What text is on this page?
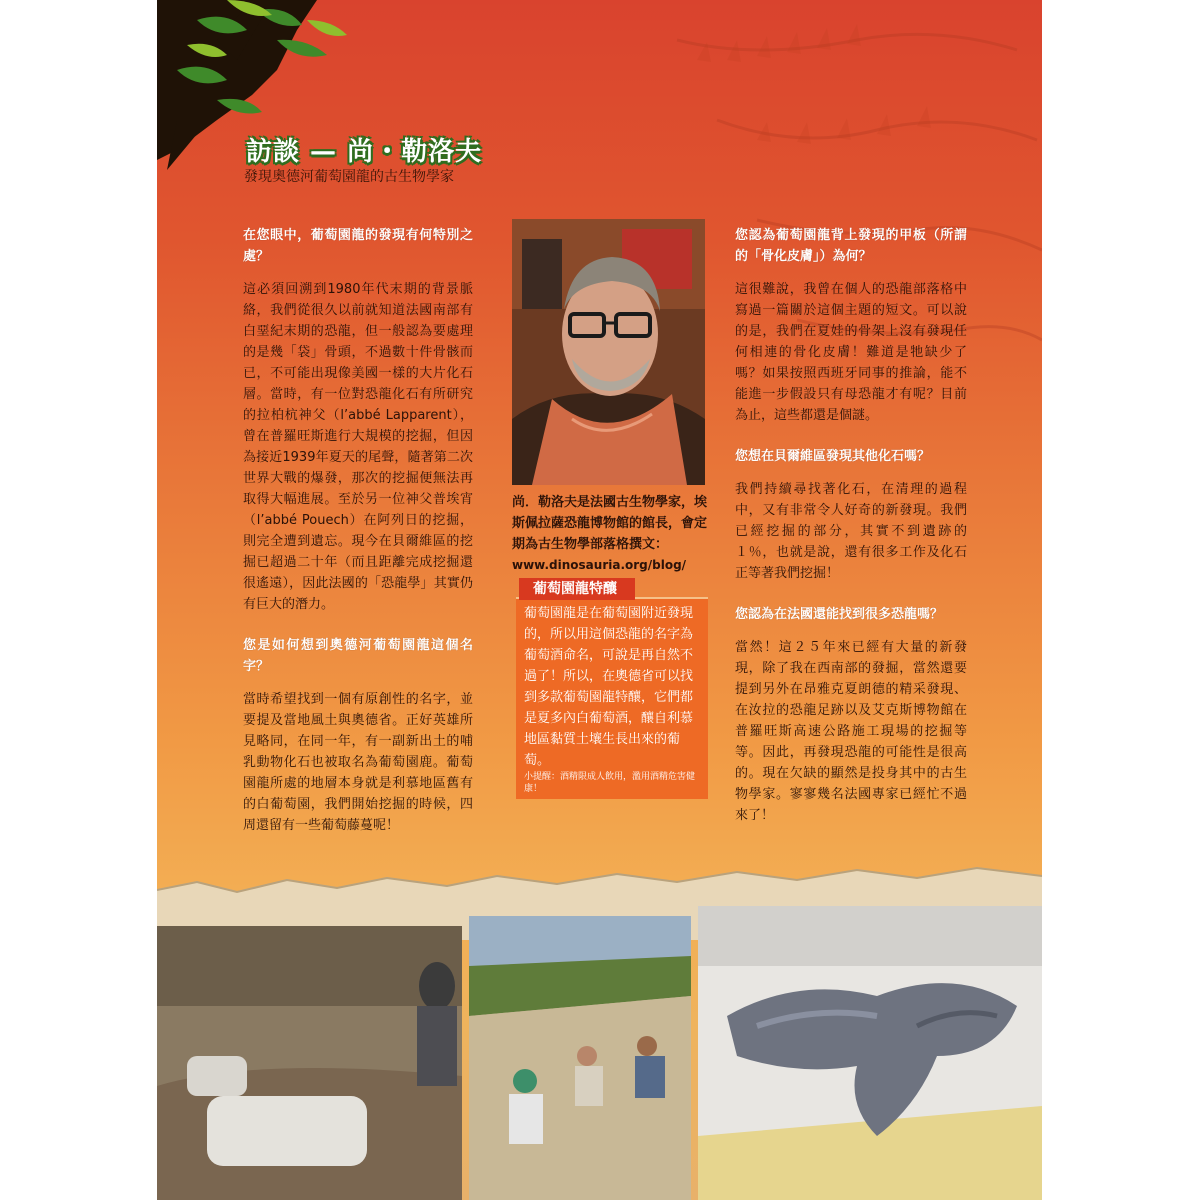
訪談 — 尚・勒洛夫
發現奧德河葡萄園龍的古生物學家
在您眼中，葡萄園龍的發現有何特別之處？
這必須回溯到1980年代末期的背景脈絡，我們從很久以前就知道法國南部有白堊紀末期的恐龍，但一般認為要處理的是幾「袋」骨頭，不過數十件骨骸而已，不可能出現像美國一樣的大片化石層。當時，有一位對恐龍化石有所研究的拉柏杭神父（l’abbé Lapparent），曾在普羅旺斯進行大規模的挖掘，但因為接近1939年夏天的尾聲，隨著第二次世界大戰的爆發，那次的挖掘便無法再取得大幅進展。至於另一位神父普埃宵（l’abbé Pouech）在阿列日的挖掘，則完全遭到遺忘。現今在貝爾維區的挖掘已超過二十年（而且距離完成挖掘還很遙遠），因此法國的「恐龍學」其實仍有巨大的潛力。
您是如何想到奧德河葡萄園龍這個名字？
當時希望找到一個有原創性的名字，並要提及當地風土與奧德省。正好英雄所見略同，在同一年，有一副新出土的哺乳動物化石也被取名為葡萄園鹿。葡萄園龍所處的地層本身就是利慕地區舊有的白葡萄園，我們開始挖掘的時候，四周還留有一些葡萄藤蔓呢！
尚．勒洛夫是法國古生物學家，埃斯佩拉薩恐龍博物館的館長，會定期為古生物學部落格撰文：
www.dinosauria.org/blog/
葡萄園龍特釀
葡萄園龍是在葡萄園附近發現的，所以用這個恐龍的名字為葡萄酒命名，可說是再自然不過了！所以，在奧德省可以找到多款葡萄園龍特釀，它們都是夏多內白葡萄酒，釀自利慕地區黏質土壤生長出來的葡萄。
小提醒：酒精限成人飲用，濫用酒精危害健康！
您認為葡萄園龍背上發現的甲板（所謂的「骨化皮膚」）為何？
這很難說，我曾在個人的恐龍部落格中寫過一篇關於這個主題的短文。可以說的是，我們在夏娃的骨架上沒有發現任何相連的骨化皮膚！難道是牠缺少了嗎？如果按照西班牙同事的推論，能不能進一步假設只有母恐龍才有呢？目前為止，這些都還是個謎。
您想在貝爾維區發現其他化石嗎？
我們持續尋找著化石，在清理的過程中，又有非常令人好奇的新發現。我們已經挖掘的部分，其實不到遺跡的１％，也就是說，還有很多工作及化石正等著我們挖掘！
您認為在法國還能找到很多恐龍嗎？
當然！這２５年來已經有大量的新發現，除了我在西南部的發掘，當然還要提到另外在昂雅克夏朗德的精采發現、在汝拉的恐龍足跡以及艾克斯博物館在普羅旺斯高速公路施工現場的挖掘等等。因此，再發現恐龍的可能性是很高的。現在欠缺的顯然是投身其中的古生物學家。寥寥幾名法國專家已經忙不過來了！
